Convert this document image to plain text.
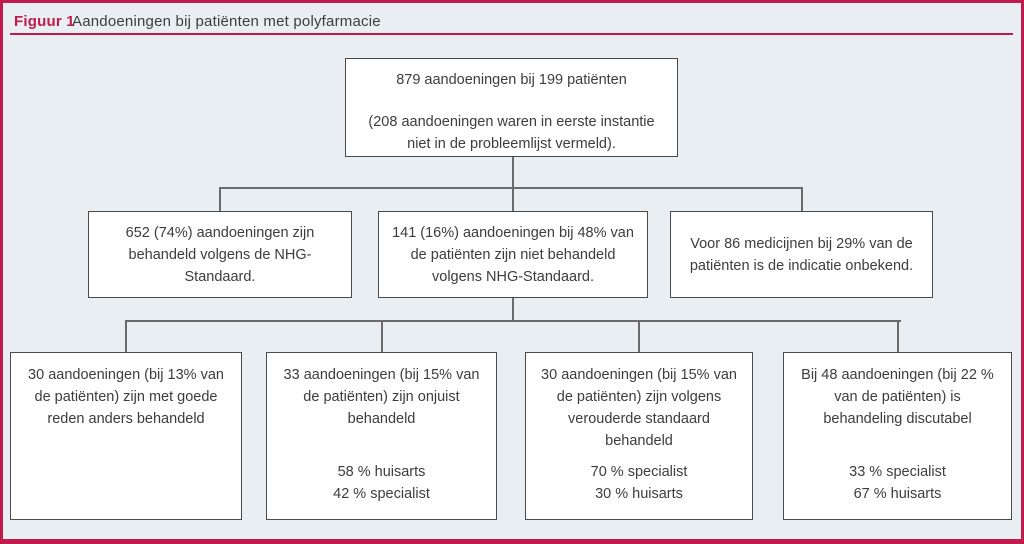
Figuur 1
Aandoeningen bij patiënten met polyfarmacie
879 aandoeningen bij 199 patiënten
(208 aandoeningen waren in eerste instantie niet in de probleemlijst vermeld).
652 (74%) aandoeningen zijn behandeld volgens de NHG-Standaard.
141 (16%) aandoeningen bij 48% van de patiënten zijn niet behandeld volgens NHG-Standaard.
Voor 86 medicijnen bij 29% van de patiënten is de indicatie onbekend.
30 aandoeningen (bij 13% van de patiënten) zijn met goede reden anders behandeld
33 aandoeningen (bij 15% van de patiënten) zijn onjuist behandeld
58 % huisarts
42 % specialist
30 aandoeningen (bij 15% van de patiënten) zijn volgens verouderde standaard behandeld
70 % specialist
30 % huisarts
Bij 48 aandoeningen (bij 22 % van de patiënten) is behandeling discutabel
33 % specialist
67 % huisarts
